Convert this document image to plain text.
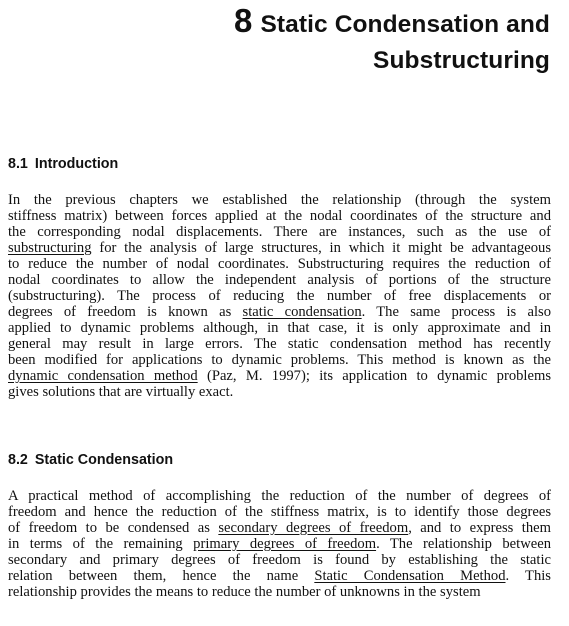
8 Static Condensation and
Substructuring
8.1 Introduction
In the previous chapters we established the relationship (through the system
stiffness matrix) between forces applied at the nodal coordinates of the structure and
the corresponding nodal displacements. There are instances, such as the use of
substructuring for the analysis of large structures, in which it might be advantageous
to reduce the number of nodal coordinates. Substructuring requires the reduction of
nodal coordinates to allow the independent analysis of portions of the structure
(substructuring). The process of reducing the number of free displacements or
degrees of freedom is known as static condensation. The same process is also
applied to dynamic problems although, in that case, it is only approximate and in
general may result in large errors. The static condensation method has recently
been modified for applications to dynamic problems. This method is known as the
dynamic condensation method (Paz, M. 1997); its application to dynamic problems
gives solutions that are virtually exact.
8.2 Static Condensation
A practical method of accomplishing the reduction of the number of degrees of
freedom and hence the reduction of the stiffness matrix, is to identify those degrees
of freedom to be condensed as secondary degrees of freedom, and to express them
in terms of the remaining primary degrees of freedom. The relationship between
secondary and primary degrees of freedom is found by establishing the static
relation between them, hence the name Static Condensation Method. This
relationship provides the means to reduce the number of unknowns in the system
